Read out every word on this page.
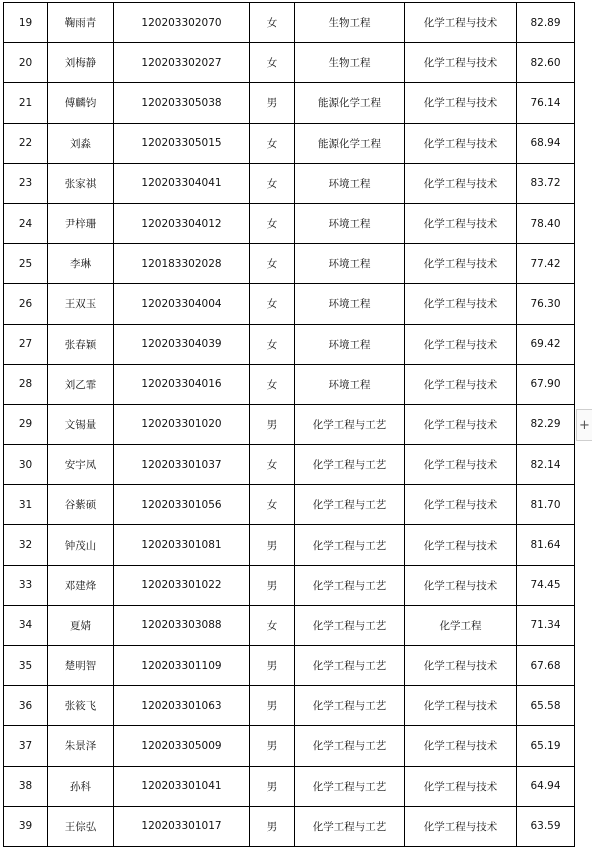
19	鞠雨青	120203302070	女	生物工程	化学工程与技术	82.89
20	刘梅静	120203302027	女	生物工程	化学工程与技术	82.60
21	傅麟钧	120203305038	男	能源化学工程	化学工程与技术	76.14
22	刘淼	120203305015	女	能源化学工程	化学工程与技术	68.94
23	张家祺	120203304041	女	环境工程	化学工程与技术	83.72
24	尹梓珊	120203304012	女	环境工程	化学工程与技术	78.40
25	李琳	120183302028	女	环境工程	化学工程与技术	77.42
26	王双玉	120203304004	女	环境工程	化学工程与技术	76.30
27	张春颖	120203304039	女	环境工程	化学工程与技术	69.42
28	刘乙霏	120203304016	女	环境工程	化学工程与技术	67.90
29	文锡量	120203301020	男	化学工程与工艺	化学工程与技术	82.29
30	安宇凤	120203301037	女	化学工程与工艺	化学工程与技术	82.14
31	谷紫硕	120203301056	女	化学工程与工艺	化学工程与技术	81.70
32	钟茂山	120203301081	男	化学工程与工艺	化学工程与技术	81.64
33	邓建烽	120203301022	男	化学工程与工艺	化学工程与技术	74.45
34	夏婧	120203303088	女	化学工程与工艺	化学工程	71.34
35	楚明智	120203301109	男	化学工程与工艺	化学工程与技术	67.68
36	张筱飞	120203301063	男	化学工程与工艺	化学工程与技术	65.58
37	朱景泽	120203305009	男	化学工程与工艺	化学工程与技术	65.19
38	孙科	120203301041	男	化学工程与工艺	化学工程与技术	64.94
39	王倧弘	120203301017	男	化学工程与工艺	化学工程与技术	63.59
+
